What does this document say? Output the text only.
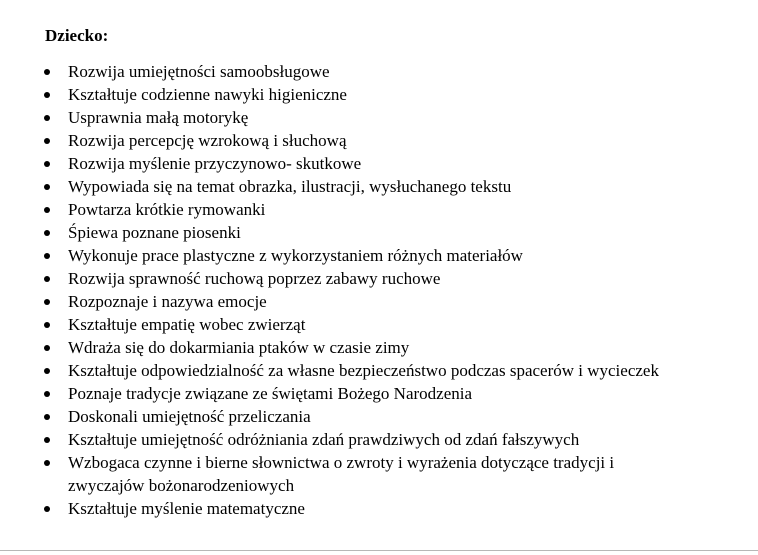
Dziecko:
Rozwija umiejętności samoobsługowe
Kształtuje codzienne nawyki higieniczne
Usprawnia małą motorykę
Rozwija percepcję wzrokową i słuchową
Rozwija myślenie przyczynowo- skutkowe
Wypowiada się na temat obrazka, ilustracji, wysłuchanego tekstu
Powtarza krótkie rymowanki
Śpiewa poznane piosenki
Wykonuje prace plastyczne z wykorzystaniem różnych materiałów
Rozwija sprawność ruchową poprzez zabawy ruchowe
Rozpoznaje i nazywa emocje
Kształtuje empatię wobec zwierząt
Wdraża się do dokarmiania ptaków w czasie zimy
Kształtuje odpowiedzialność za własne bezpieczeństwo podczas spacerów i wycieczek
Poznaje tradycje związane ze świętami Bożego Narodzenia
Doskonali umiejętność przeliczania
Kształtuje umiejętność odróżniania zdań prawdziwych od zdań fałszywych
Wzbogaca czynne i bierne słownictwa o zwroty i wyrażenia dotyczące tradycji i zwyczajów bożonarodzeniowych
Kształtuje myślenie matematyczne
